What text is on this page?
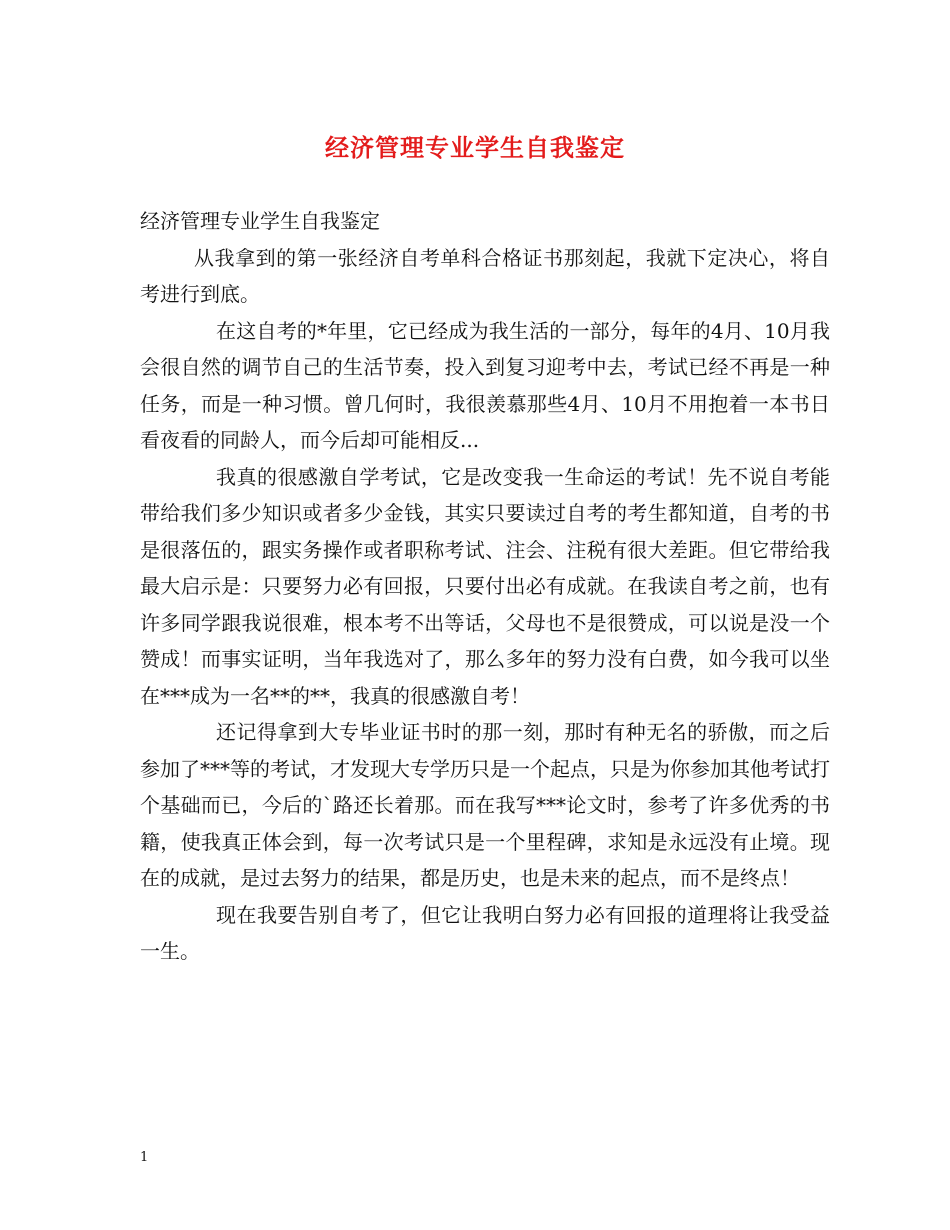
经济管理专业学生自我鉴定

经济管理专业学生自我鉴定

从我拿到的第一张经济自考单科合格证书那刻起，我就下定决心，将自考进行到底。

在这自考的*年里，它已经成为我生活的一部分，每年的4月、10月我会很自然的调节自己的生活节奏，投入到复习迎考中去，考试已经不再是一种任务，而是一种习惯。曾几何时，我很羡慕那些4月、10月不用抱着一本书日看夜看的同龄人，而今后却可能相反...

我真的很感激自学考试，它是改变我一生命运的考试！先不说自考能带给我们多少知识或者多少金钱，其实只要读过自考的考生都知道，自考的书是很落伍的，跟实务操作或者职称考试、注会、注税有很大差距。但它带给我最大启示是：只要努力必有回报，只要付出必有成就。在我读自考之前，也有许多同学跟我说很难，根本考不出等话，父母也不是很赞成，可以说是没一个赞成！而事实证明，当年我选对了，那么多年的努力没有白费，如今我可以坐在***成为一名**的**，我真的很感激自考！

还记得拿到大专毕业证书时的那一刻，那时有种无名的骄傲，而之后参加了***等的考试，才发现大专学历只是一个起点，只是为你参加其他考试打个基础而已，今后的`路还长着那。而在我写***论文时，参考了许多优秀的书籍，使我真正体会到，每一次考试只是一个里程碑，求知是永远没有止境。现在的成就，是过去努力的结果，都是历史，也是未来的起点，而不是终点！

现在我要告别自考了，但它让我明白努力必有回报的道理将让我受益一生。

1
